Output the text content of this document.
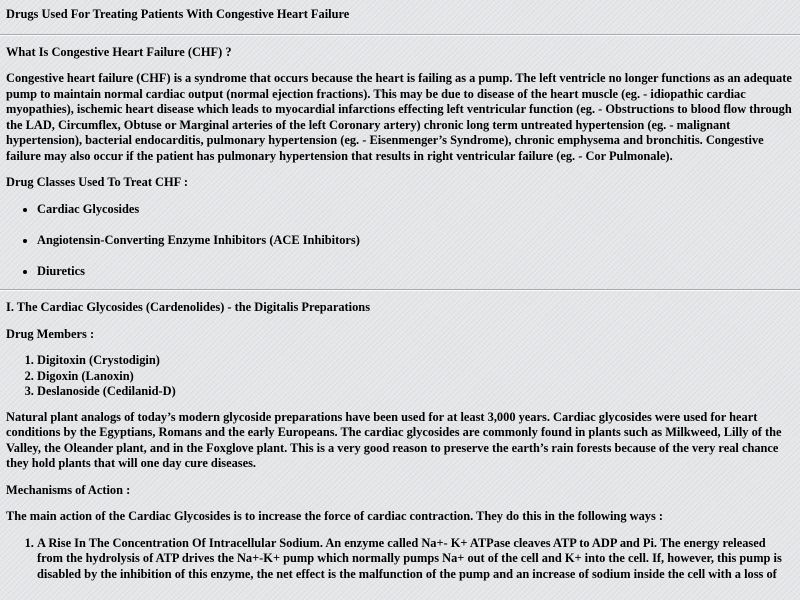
Drugs Used For Treating Patients With Congestive Heart Failure

What Is Congestive Heart Failure (CHF) ?

Congestive heart failure (CHF) is a syndrome that occurs because the heart is failing as a pump. The left ventricle no longer functions as an adequate pump to maintain normal cardiac output (normal ejection fractions). This may be due to disease of the heart muscle (eg. - idiopathic cardiac myopathies), ischemic heart disease which leads to myocardial infarctions effecting left ventricular function (eg. - Obstructions to blood flow through the LAD, Circumflex, Obtuse or Marginal arteries of the left Coronary artery) chronic long term untreated hypertension (eg. - malignant hypertension), bacterial endocarditis, pulmonary hypertension (eg. - Eisenmenger’s Syndrome), chronic emphysema and bronchitis. Congestive failure may also occur if the patient has pulmonary hypertension that results in right ventricular failure (eg. - Cor Pulmonale).

Drug Classes Used To Treat CHF :

• Cardiac Glycosides
• Angiotensin-Converting Enzyme Inhibitors (ACE Inhibitors)
• Diuretics

I. The Cardiac Glycosides (Cardenolides) - the Digitalis Preparations

Drug Members :

1. Digitoxin (Crystodigin)
2. Digoxin (Lanoxin)
3. Deslanoside (Cedilanid-D)

Natural plant analogs of today’s modern glycoside preparations have been used for at least 3,000 years. Cardiac glycosides were used for heart conditions by the Egyptians, Romans and the early Europeans. The cardiac glycosides are commonly found in plants such as Milkweed, Lilly of the Valley, the Oleander plant, and in the Foxglove plant. This is a very good reason to preserve the earth’s rain forests because of the very real chance they hold plants that will one day cure diseases.

Mechanisms of Action :

The main action of the Cardiac Glycosides is to increase the force of cardiac contraction. They do this in the following ways :

1. A Rise In The Concentration Of Intracellular Sodium. An enzyme called Na+- K+ ATPase cleaves ATP to ADP and Pi. The energy released from the hydrolysis of ATP drives the Na+-K+ pump which normally pumps Na+ out of the cell and K+ into the cell. If, however, this pump is disabled by the inhibition of this enzyme, the net effect is the malfunction of the pump and an increase of sodium inside the cell with a loss of
